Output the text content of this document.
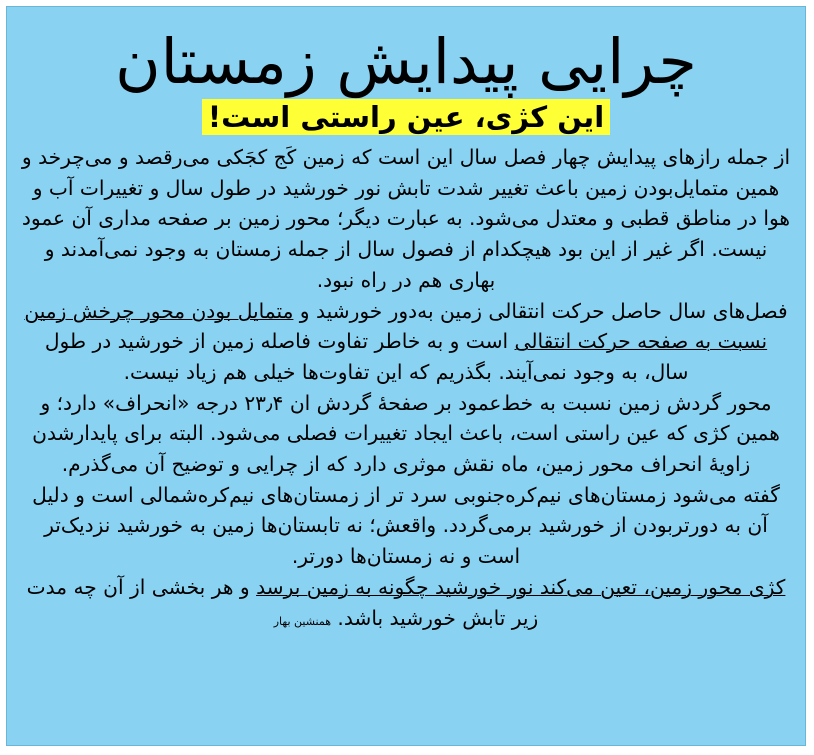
چرایی پیدایش زمستان
این کژی، عین راستی است!

از جمله رازهای پیدایش چهار فصل سال این است که زمین کَج کجَکی می‌رقصد و می‌چرخد و همین متمایل‌بودن زمین باعث تغییر شدت تابش نور خورشید در طول سال و تغییرات آب و هوا در مناطق قطبی و معتدل می‌شود. به عبارت دیگر؛ محور زمین بر صفحه مداری آن عمود نیست. اگر غیر از این بود هیچکدام از فصول سال از جمله زمستان به وجود نمی‌آمدند و بهاری هم در راه نبود.

فصل‌های سال حاصل حرکت انتقالی زمین به‌دور خورشید و متمایل بودن محور چرخش زمین نسبت به صفحه حرکت انتقالی است و به خاطر تفاوت فاصله زمین از خورشید در طول سال، به وجود نمی‌آیند. بگذریم که این تفاوت‌ها خیلی هم زیاد نیست.

محور گردش زمین نسبت به خط‌عمود بر صفحهٔ گردش ان ۲۳٫۴ درجه «انحراف» دارد؛ و همین کژی که عین راستی است، باعث ایجاد تغییرات فصلی می‌شود. البته برای پایدارشدن زاویهٔ انحراف محور زمین، ماه نقش موثری دارد که از چرایی و توضیح آن می‌گذرم.

گفته می‌شود زمستان‌های نیم‌کره‌جنوبی سرد تر از زمستان‌های نیم‌کره‌شمالی است و دلیل آن به دورتربودن از خورشید برمی‌گردد. واقعش؛ نه تابستان‌ها زمین به خورشید نزدیک‌تر است و نه زمستان‌ها دورتر.

کژی محور زمین، تعین می‌کند نور خورشید چگونه به زمین برسد و هر بخشی از آن چه مدت زیر تابش خورشید باشد. همنشین بهار
